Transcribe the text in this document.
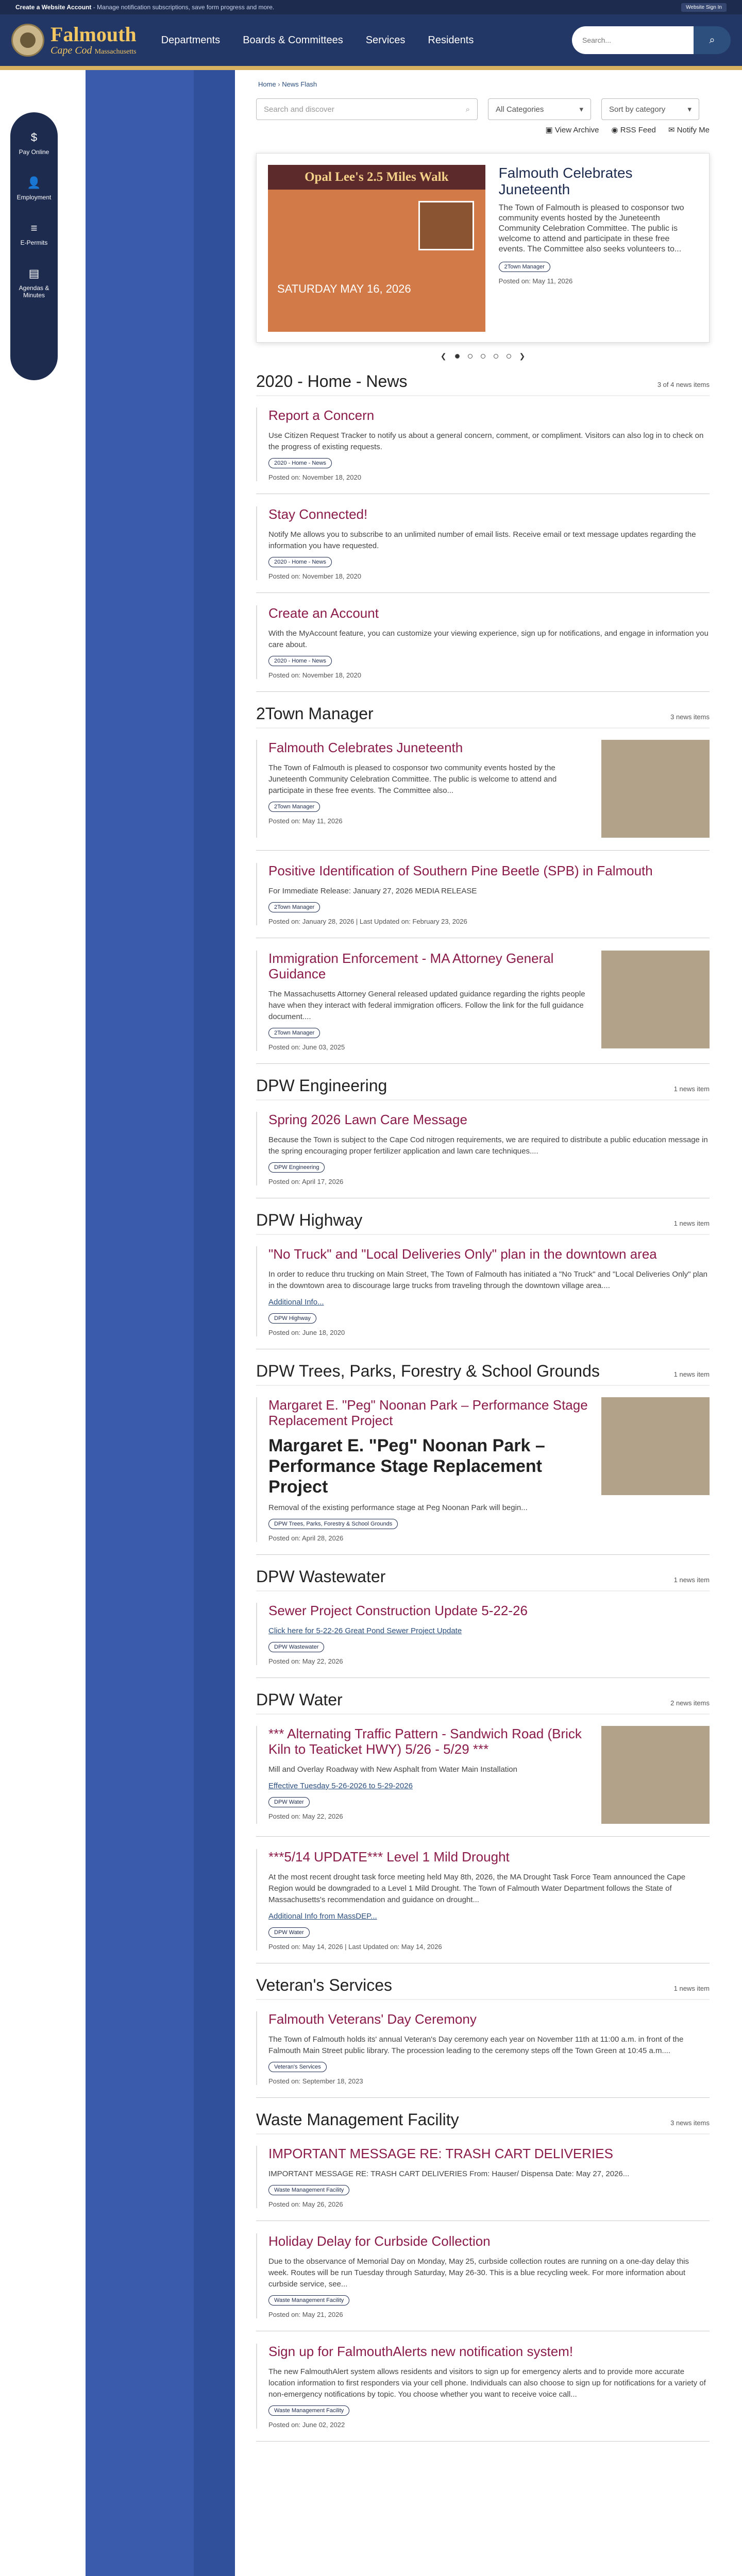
Create a Website Account - Manage notification subscriptions, save form progress and more.	Website Sign In
Falmouth
Cape Cod Massachusetts
Departments Boards & Committees Services Residents
Search...	⌕
$
Pay Online
👤
Employment
≡
E-Permits
▤
Agendas & Minutes
Home › News Flash
Search and discover	⌕	All Categories	▾	Sort by category	▾
▣ View Archive ◉ RSS Feed ✉ Notify Me
Opal Lee's 2.5 Miles Walk
SATURDAY MAY 16, 2026
Falmouth Celebrates Juneteenth

The Town of Falmouth is pleased to cosponsor two community events hosted by the Juneteenth Community Celebration Committee. The public is welcome to attend and participate in these free events. The Committee also seeks volunteers to...

2Town Manager
Posted on: May 11, 2026
❮	❯
2020 - Home - News	3 of 4 news items
Report a Concern

Use Citizen Request Tracker to notify us about a general concern, comment, or compliment. Visitors can also log in to check on the progress of existing requests.

2020 - Home - News
Posted on: November 18, 2020
Stay Connected!

Notify Me allows you to subscribe to an unlimited number of email lists. Receive email or text message updates regarding the information you have requested.

2020 - Home - News
Posted on: November 18, 2020
Create an Account

With the MyAccount feature, you can customize your viewing experience, sign up for notifications, and engage in information you care about.

2020 - Home - News
Posted on: November 18, 2020
2Town Manager	3 news items
Falmouth Celebrates Juneteenth

The Town of Falmouth is pleased to cosponsor two community events hosted by the Juneteenth Community Celebration Committee. The public is welcome to attend and participate in these free events. The Committee also...

2Town Manager
Posted on: May 11, 2026
Positive Identification of Southern Pine Beetle (SPB) in Falmouth

For Immediate Release: January 27, 2026 MEDIA RELEASE

2Town Manager
Posted on: January 28, 2026 | Last Updated on: February 23, 2026
Immigration Enforcement - MA Attorney General Guidance

The Massachusetts Attorney General released updated guidance regarding the rights people have when they interact with federal immigration officers. Follow the link for the full guidance document....

2Town Manager
Posted on: June 03, 2025
DPW Engineering	1 news item
Spring 2026 Lawn Care Message

Because the Town is subject to the Cape Cod nitrogen requirements, we are required to distribute a public education message in the spring encouraging proper fertilizer application and lawn care techniques....

DPW Engineering
Posted on: April 17, 2026
DPW Highway	1 news item
"No Truck" and "Local Deliveries Only" plan in the downtown area

In order to reduce thru trucking on Main Street, The Town of Falmouth has initiated a "No Truck" and "Local Deliveries Only" plan in the downtown area to discourage large trucks from traveling through the downtown village area....

Additional Info...

DPW Highway
Posted on: June 18, 2020
DPW Trees, Parks, Forestry & School Grounds	1 news item
Margaret E. "Peg" Noonan Park – Performance Stage Replacement Project
Margaret E. "Peg" Noonan Park – Performance Stage Replacement Project

Removal of the existing performance stage at Peg Noonan Park will begin...

DPW Trees, Parks, Forestry & School Grounds
Posted on: April 28, 2026
DPW Wastewater	1 news item
Sewer Project Construction Update 5-22-26

Click here for 5-22-26 Great Pond Sewer Project Update

DPW Wastewater
Posted on: May 22, 2026
DPW Water	2 news items
*** Alternating Traffic Pattern - Sandwich Road (Brick Kiln to Teaticket HWY) 5/26 - 5/29 ***

Mill and Overlay Roadway with New Asphalt from Water Main Installation

Effective Tuesday 5-26-2026 to 5-29-2026

DPW Water
Posted on: May 22, 2026
***5/14 UPDATE*** Level 1 Mild Drought

At the most recent drought task force meeting held May 8th, 2026, the MA Drought Task Force Team announced the Cape Region would be downgraded to a Level 1 Mild Drought. The Town of Falmouth Water Department follows the State of Massachusetts's recommendation and guidance on drought...

Additional Info from MassDEP...

DPW Water
Posted on: May 14, 2026 | Last Updated on: May 14, 2026
Veteran's Services	1 news item
Falmouth Veterans' Day Ceremony

The Town of Falmouth holds its' annual Veteran's Day ceremony each year on November 11th at 11:00 a.m. in front of the Falmouth Main Street public library. The procession leading to the ceremony steps off the Town Green at 10:45 a.m....

Veteran's Services
Posted on: September 18, 2023
Waste Management Facility	3 news items
IMPORTANT MESSAGE RE: TRASH CART DELIVERIES

IMPORTANT MESSAGE RE: TRASH CART DELIVERIES From: Hauser/ Dispensa Date: May 27, 2026...

Waste Management Facility
Posted on: May 26, 2026
Holiday Delay for Curbside Collection

Due to the observance of Memorial Day on Monday, May 25, curbside collection routes are running on a one-day delay this week. Routes will be run Tuesday through Saturday, May 26-30. This is a blue recycling week. For more information about curbside service, see...

Waste Management Facility
Posted on: May 21, 2026
Sign up for FalmouthAlerts new notification system!

The new FalmouthAlert system allows residents and visitors to sign up for emergency alerts and to provide more accurate location information to first responders via your cell phone. Individuals can also choose to sign up for notifications for a variety of non-emergency notifications by topic. You choose whether you want to receive voice call...

Waste Management Facility
Posted on: June 02, 2022
